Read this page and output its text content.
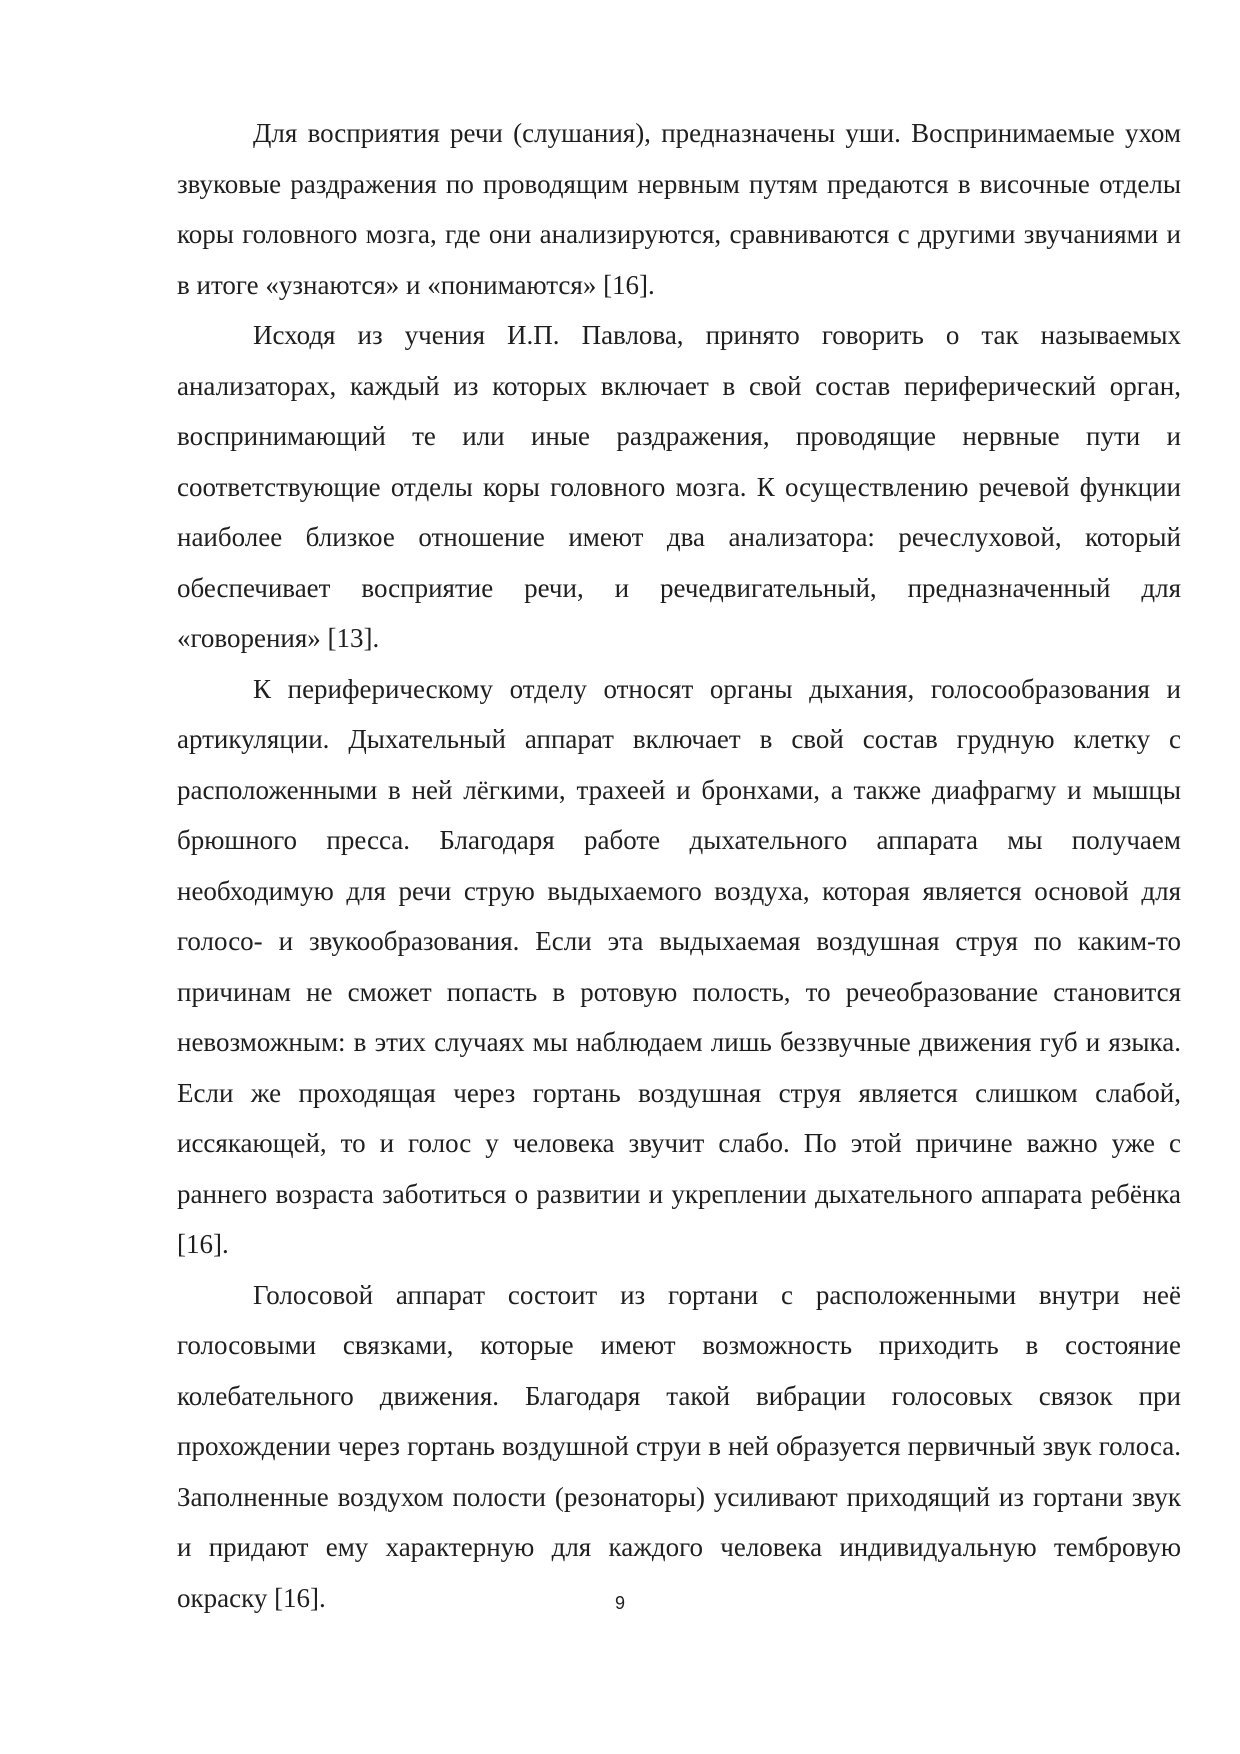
Для восприятия речи (слушания), предназначены уши. Воспринимаемые ухом звуковые раздражения по проводящим нервным путям предаются в височные отделы коры головного мозга, где они анализируются, сравниваются с другими звучаниями и в итоге «узнаются» и «понимаются» [16].

Исходя из учения И.П. Павлова, принято говорить о так называемых анализаторах, каждый из которых включает в свой состав периферический орган, воспринимающий те или иные раздражения, проводящие нервные пути и соответствующие отделы коры головного мозга. К осуществлению речевой функции наиболее близкое отношение имеют два анализатора: речеслуховой, который обеспечивает восприятие речи, и речедвигательный, предназначенный для «говорения» [13].

К периферическому отделу относят органы дыхания, голосообразования и артикуляции. Дыхательный аппарат включает в свой состав грудную клетку с расположенными в ней лёгкими, трахеей и бронхами, а также диафрагму и мышцы брюшного пресса. Благодаря работе дыхательного аппарата мы получаем необходимую для речи струю выдыхаемого воздуха, которая является основой для голосо- и звукообразования. Если эта выдыхаемая воздушная струя по каким-то причинам не сможет попасть в ротовую полость, то речеобразование становится невозможным: в этих случаях мы наблюдаем лишь беззвучные движения губ и языка. Если же проходящая через гортань воздушная струя является слишком слабой, иссякающей, то и голос у человека звучит слабо. По этой причине важно уже с раннего возраста заботиться о развитии и укреплении дыхательного аппарата ребёнка [16].

Голосовой аппарат состоит из гортани с расположенными внутри неё голосовыми связками, которые имеют возможность приходить в состояние колебательного движения. Благодаря такой вибрации голосовых связок при прохождении через гортань воздушной струи в ней образуется первичный звук голоса. Заполненные воздухом полости (резонаторы) усиливают приходящий из гортани звук и придают ему характерную для каждого человека индивидуальную тембровую окраску [16].	9
